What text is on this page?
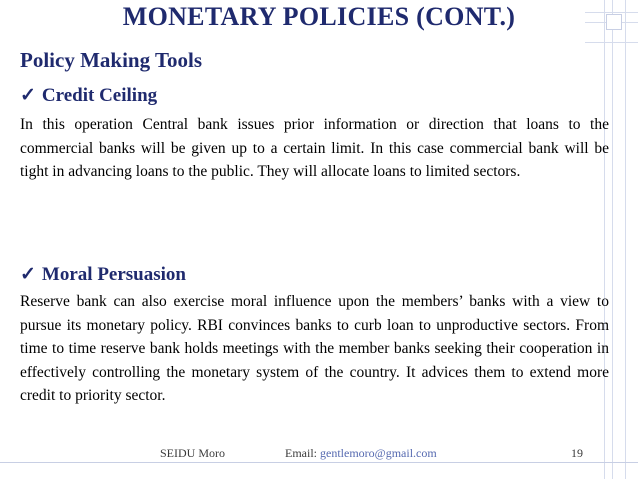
MONETARY POLICIES (CONT.)
Policy Making Tools
✓ Credit Ceiling
In this operation Central bank issues prior information or direction that loans to the commercial banks will be given up to a certain limit. In this case commercial bank will be tight in advancing loans to the public. They will allocate loans to limited sectors.
✓ Moral Persuasion
Reserve bank can also exercise moral influence upon the members’ banks with a view to pursue its monetary policy. RBI convinces banks to curb loan to unproductive sectors. From time to time reserve bank holds meetings with the member banks seeking their cooperation in effectively controlling the monetary system of the country. It advices them to extend more credit to priority sector.
SEIDU Moro	Email: gentlemoro@gmail.com	19
